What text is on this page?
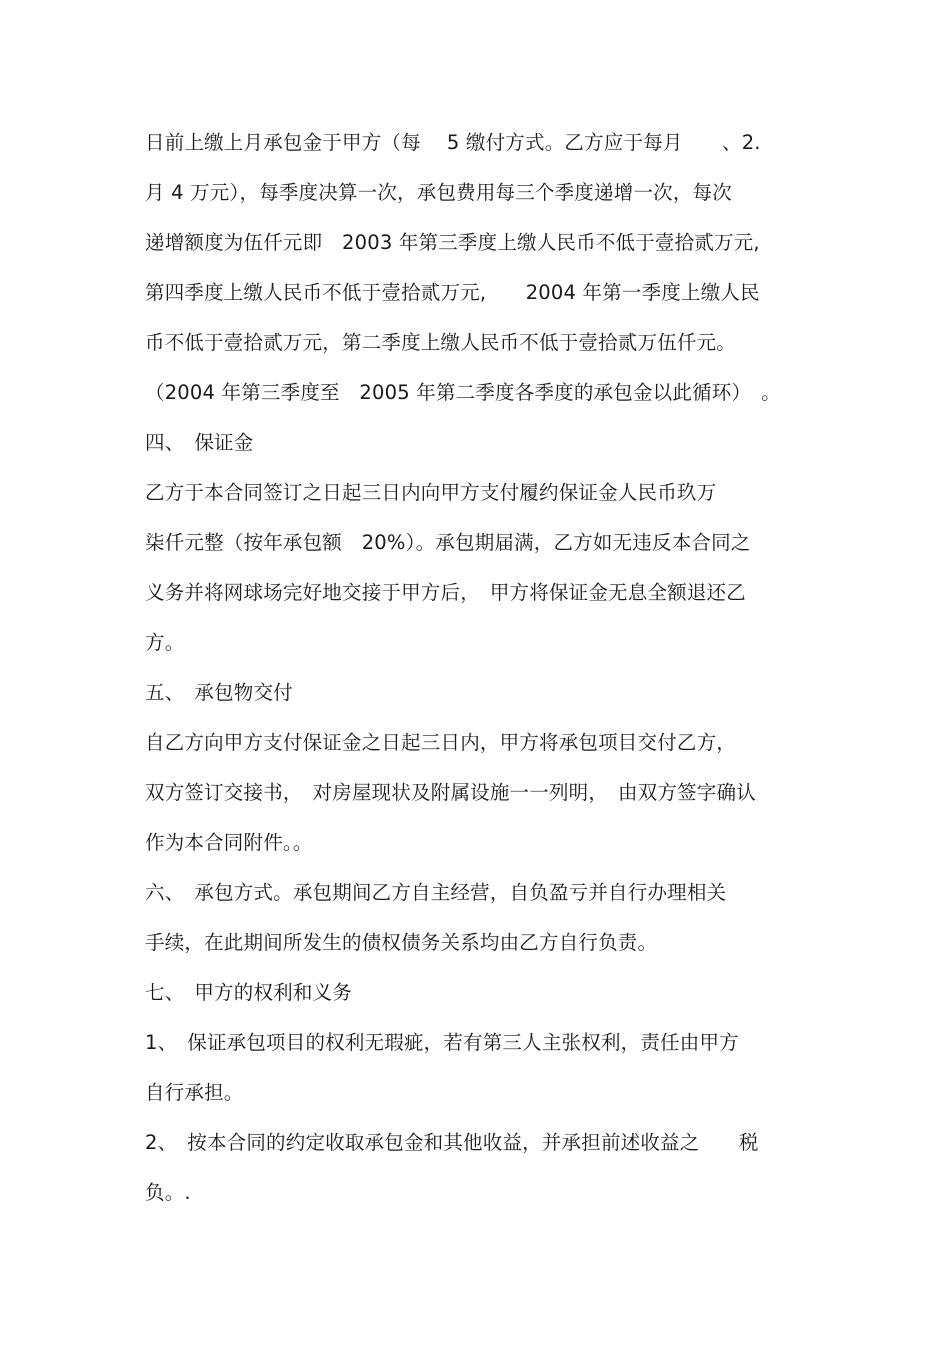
日前上缴上月承包金于甲方（每　 5 缴付方式。乙方应于每月　　、2.
月 4 万元），每季度决算一次，承包费用每三个季度递增一次，每次
递增额度为伍仟元即　2003 年第三季度上缴人民币不低于壹拾贰万元,
第四季度上缴人民币不低于壹拾贰万元,　　2004 年第一季度上缴人民
币不低于壹拾贰万元，第二季度上缴人民币不低于壹拾贰万伍仟元。
（2004 年第三季度至　2005 年第二季度各季度的承包金以此循环）　。
四、　保证金
乙方于本合同签订之日起三日内向甲方支付履约保证金人民币玖万
柒仟元整（按年承包额　20%）。承包期届满，乙方如无违反本合同之
义务并将网球场完好地交接于甲方后，　甲方将保证金无息全额退还乙
方。
五、　承包物交付
自乙方向甲方支付保证金之日起三日内，甲方将承包项目交付乙方，
双方签订交接书，　对房屋现状及附属设施一一列明，　由双方签字确认
作为本合同附件。。
六、　承包方式。承包期间乙方自主经营，自负盈亏并自行办理相关
手续，在此期间所发生的债权债务关系均由乙方自行负责。
七、　甲方的权利和义务
1、　保证承包项目的权利无瑕疵，若有第三人主张权利，责任由甲方
自行承担。
2、　按本合同的约定收取承包金和其他收益，并承担前述收益之　　税
负。.
